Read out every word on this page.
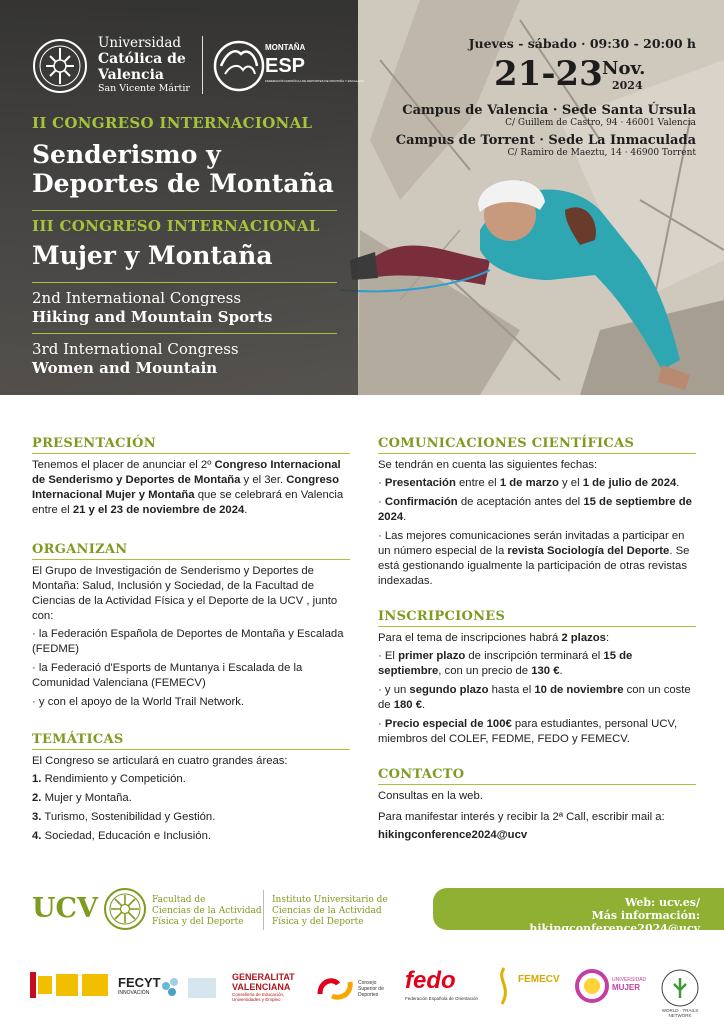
Universidad
Católica de
Valencia
San Vicente Mártir
MONTAÑA
ESP
FEDERACIÓN ESPAÑOLA DE DEPORTES DE MONTAÑA Y ESCALADA
II CONGRESO INTERNACIONAL
Senderismo y
Deportes de Montaña
III CONGRESO INTERNACIONAL
Mujer y Montaña
2nd International Congress
Hiking and Mountain Sports
3rd International Congress
Women and Mountain
Jueves - sábado · 09:30 - 20:00 h
21-23 Nov.
2024
Campus de Valencia · Sede Santa Úrsula
C/ Guillem de Castro, 94 · 46001 Valencia
Campus de Torrent · Sede La Inmaculada
C/ Ramiro de Maeztu, 14 · 46900 Torrent
PRESENTACIÓN

Tenemos el placer de anunciar el 2º Congreso Internacional de Senderismo y Deportes de Montaña y el 3er. Congreso Internacional Mujer y Montaña que se celebrará en Valencia entre el 21 y el 23 de noviembre de 2024.

ORGANIZAN

El Grupo de Investigación de Senderismo y Deportes de Montaña: Salud, Inclusión y Sociedad, de la Facultad de Ciencias de la Actividad Física y el Deporte de la UCV , junto con:

· la Federación Española de Deportes de Montaña y Escalada (FEDME)

· la Federació d'Esports de Muntanya i Escalada de la Comunidad Valenciana (FEMECV)

· y con el apoyo de la World Trail Network.

TEMÁTICAS

El Congreso se articulará en cuatro grandes áreas:

1. Rendimiento y Competición.

2. Mujer y Montaña.

3. Turismo, Sostenibilidad y Gestión.

4. Sociedad, Educación e Inclusión.

COMUNICACIONES CIENTÍFICAS

Se tendrán en cuenta las siguientes fechas:

· Presentación entre el 1 de marzo y el 1 de julio de 2024.

· Confirmación de aceptación antes del 15 de septiembre de 2024.

· Las mejores comunicaciones serán invitadas a participar en un número especial de la revista Sociología del Deporte. Se está gestionando igualmente la participación de otras revistas indexadas.

INSCRIPCIONES

Para el tema de inscripciones habrá 2 plazos:

· El primer plazo de inscripción terminará el 15 de septiembre, con un precio de 130 €.

· y un segundo plazo hasta el 10 de noviembre con un coste de 180 €.

· Precio especial de 100€ para estudiantes, personal UCV, miembros del COLEF, FEDME, FEDO y FEMECV.

CONTACTO

Consultas en la web.

Para manifestar interés y recibir la 2ª Call, escribir mail a:

hikingconference2024@ucv

UCV	Facultad de
Ciencias de la Actividad
Física y del Deporte
Instituto Universitario de
Ciencias de la Actividad
Física y del Deporte
Web: ucv.es/
Más información: hikingconference2024@ucv
FECYT
INNOVACIÓN
GENERALITAT
VALENCIANA
Conselleria de Educación, Universidades y Empleo
Consejo Superior de Deportes
fedo
Federación Española de Orientación
FEMECV	UNIVERSIDAD
MUJER
WORLD · TRAILS NETWORK
